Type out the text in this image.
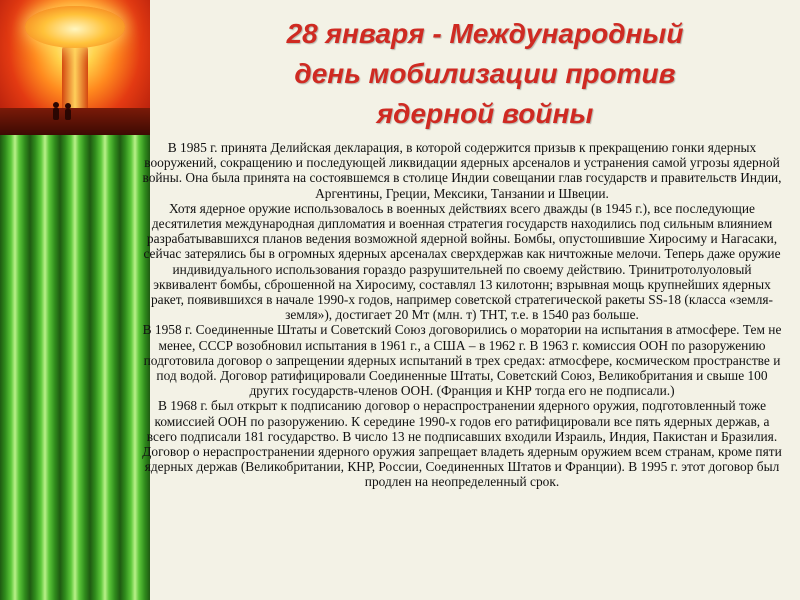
28 января - Международный
день мобилизации против
ядерной войны

В 1985 г. принята Делийская декларация, в которой содержится призыв к прекращению гонки ядерных вооружений, сокращению и последующей ликвидации ядерных арсеналов и устранения самой угрозы ядерной войны. Она была принята на состоявшемся в столице Индии совещании глав государств и правительств Индии, Аргентины, Греции, Мексики, Танзании и Швеции.

Хотя ядерное оружие использовалось в военных действиях всего дважды (в 1945 г.), все последующие десятилетия международная дипломатия и военная стратегия государств находились под сильным влиянием разрабатывавшихся планов ведения возможной ядерной войны. Бомбы, опустошившие Хиросиму и Нагасаки, сейчас затерялись бы в огромных ядерных арсеналах сверхдержав как ничтожные мелочи. Теперь даже оружие индивидуального использования гораздо разрушительней по своему действию. Тринитротолуоловый эквивалент бомбы, сброшенной на Хиросиму, составлял 13 килотонн; взрывная мощь крупнейших ядерных ракет, появившихся в начале 1990-х годов, например советской стратегической ракеты SS-18 (класса «земля-земля»), достигает 20 Мт (млн. т) ТНТ, т.е. в 1540 раз больше.

В 1958 г. Соединенные Штаты и Советский Союз договорились о моратории на испытания в атмосфере. Тем не менее, СССР возобновил испытания в 1961 г., а США – в 1962 г. В 1963 г. комиссия ООН по разоружению подготовила договор о запрещении ядерных испытаний в трех средах: атмосфере, космическом пространстве и под водой. Договор ратифицировали Соединенные Штаты, Советский Союз, Великобритания и свыше 100 других государств-членов ООН. (Франция и КНР тогда его не подписали.)

В 1968 г. был открыт к подписанию договор о нераспространении ядерного оружия, подготовленный тоже комиссией ООН по разоружению. К середине 1990-х годов его ратифицировали все пять ядерных держав, а всего подписали 181 государство. В число 13 не подписавших входили Израиль, Индия, Пакистан и Бразилия. Договор о нераспространении ядерного оружия запрещает владеть ядерным оружием всем странам, кроме пяти ядерных держав (Великобритании, КНР, России, Соединенных Штатов и Франции). В 1995 г. этот договор был продлен на неопределенный срок.
